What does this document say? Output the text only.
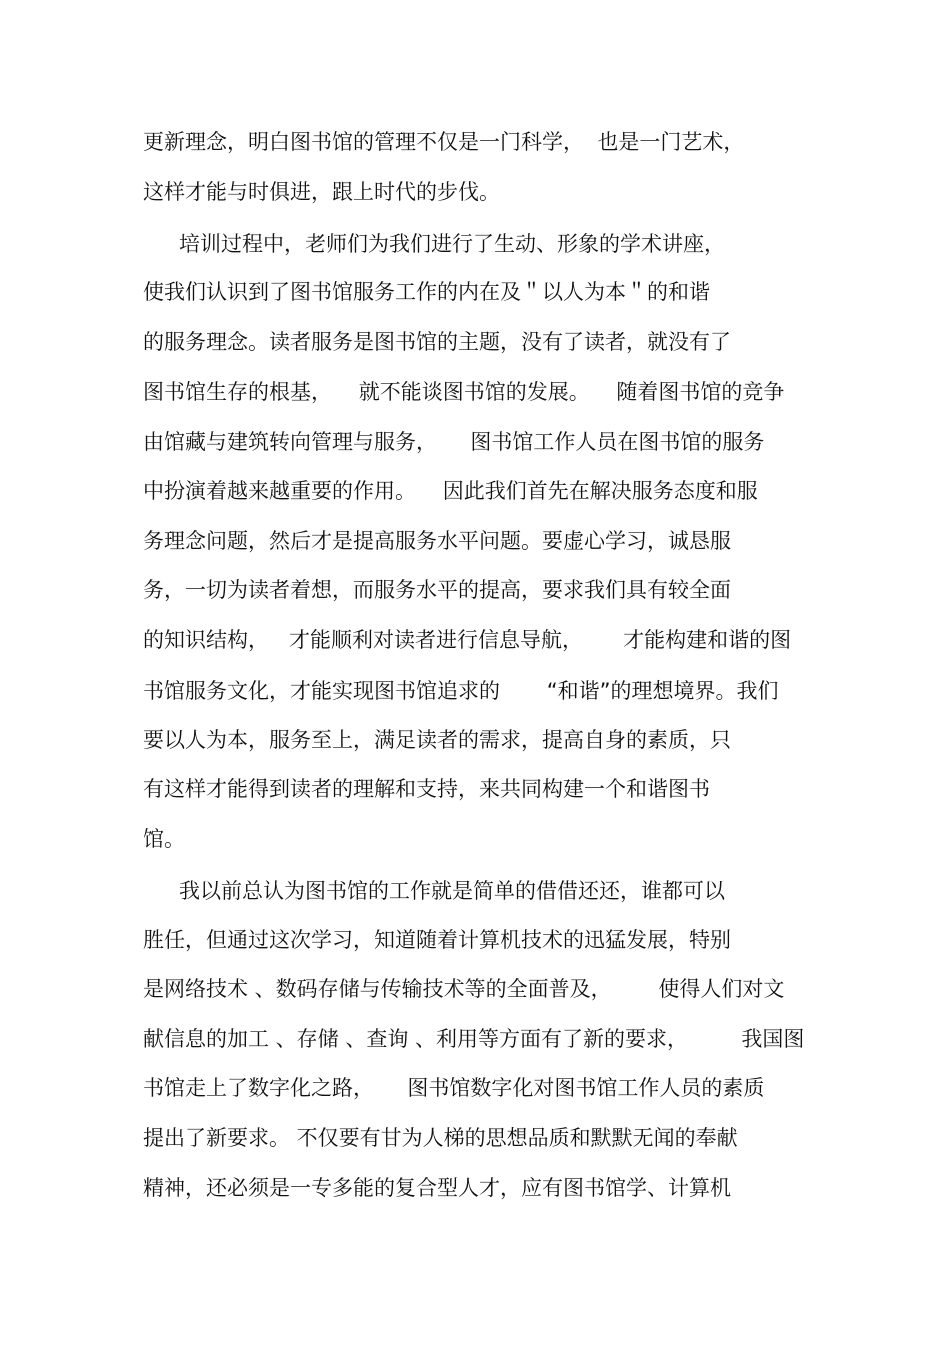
更新理念，明白图书馆的管理不仅是一门科学，  也是一门艺术，
这样才能与时俱进，跟上时代的步伐。
培训过程中，老师们为我们进行了生动、形象的学术讲座，
使我们认识到了图书馆服务工作的内在及＂以人为本＂的和谐
的服务理念。读者服务是图书馆的主题，没有了读者，就没有了
图书馆生存的根基，    就不能谈图书馆的发展。    随着图书馆的竞争
由馆藏与建筑转向管理与服务，     图书馆工作人员在图书馆的服务
中扮演着越来越重要的作用。    因此我们首先在解决服务态度和服
务理念问题，然后才是提高服务水平问题。要虚心学习，诚恳服
务，一切为读者着想，而服务水平的提高，要求我们具有较全面
的知识结构，   才能顺利对读者进行信息导航，      才能构建和谐的图
书馆服务文化，才能实现图书馆追求的       “和谐”的理想境界。我们
要以人为本，服务至上，满足读者的需求，提高自身的素质，只
有这样才能得到读者的理解和支持，来共同构建一个和谐图书
馆。
我以前总认为图书馆的工作就是简单的借借还还，谁都可以
胜任，但通过这次学习，知道随着计算机技术的迅猛发展，特别
是网络技术 、数码存储与传输技术等的全面普及，       使得人们对文
献信息的加工 、存储 、查询 、利用等方面有了新的要求，        我国图
书馆走上了数字化之路，     图书馆数字化对图书馆工作人员的素质
提出了新要求。 不仅要有甘为人梯的思想品质和默默无闻的奉献
精神，还必须是一专多能的复合型人才，应有图书馆学、计算机
